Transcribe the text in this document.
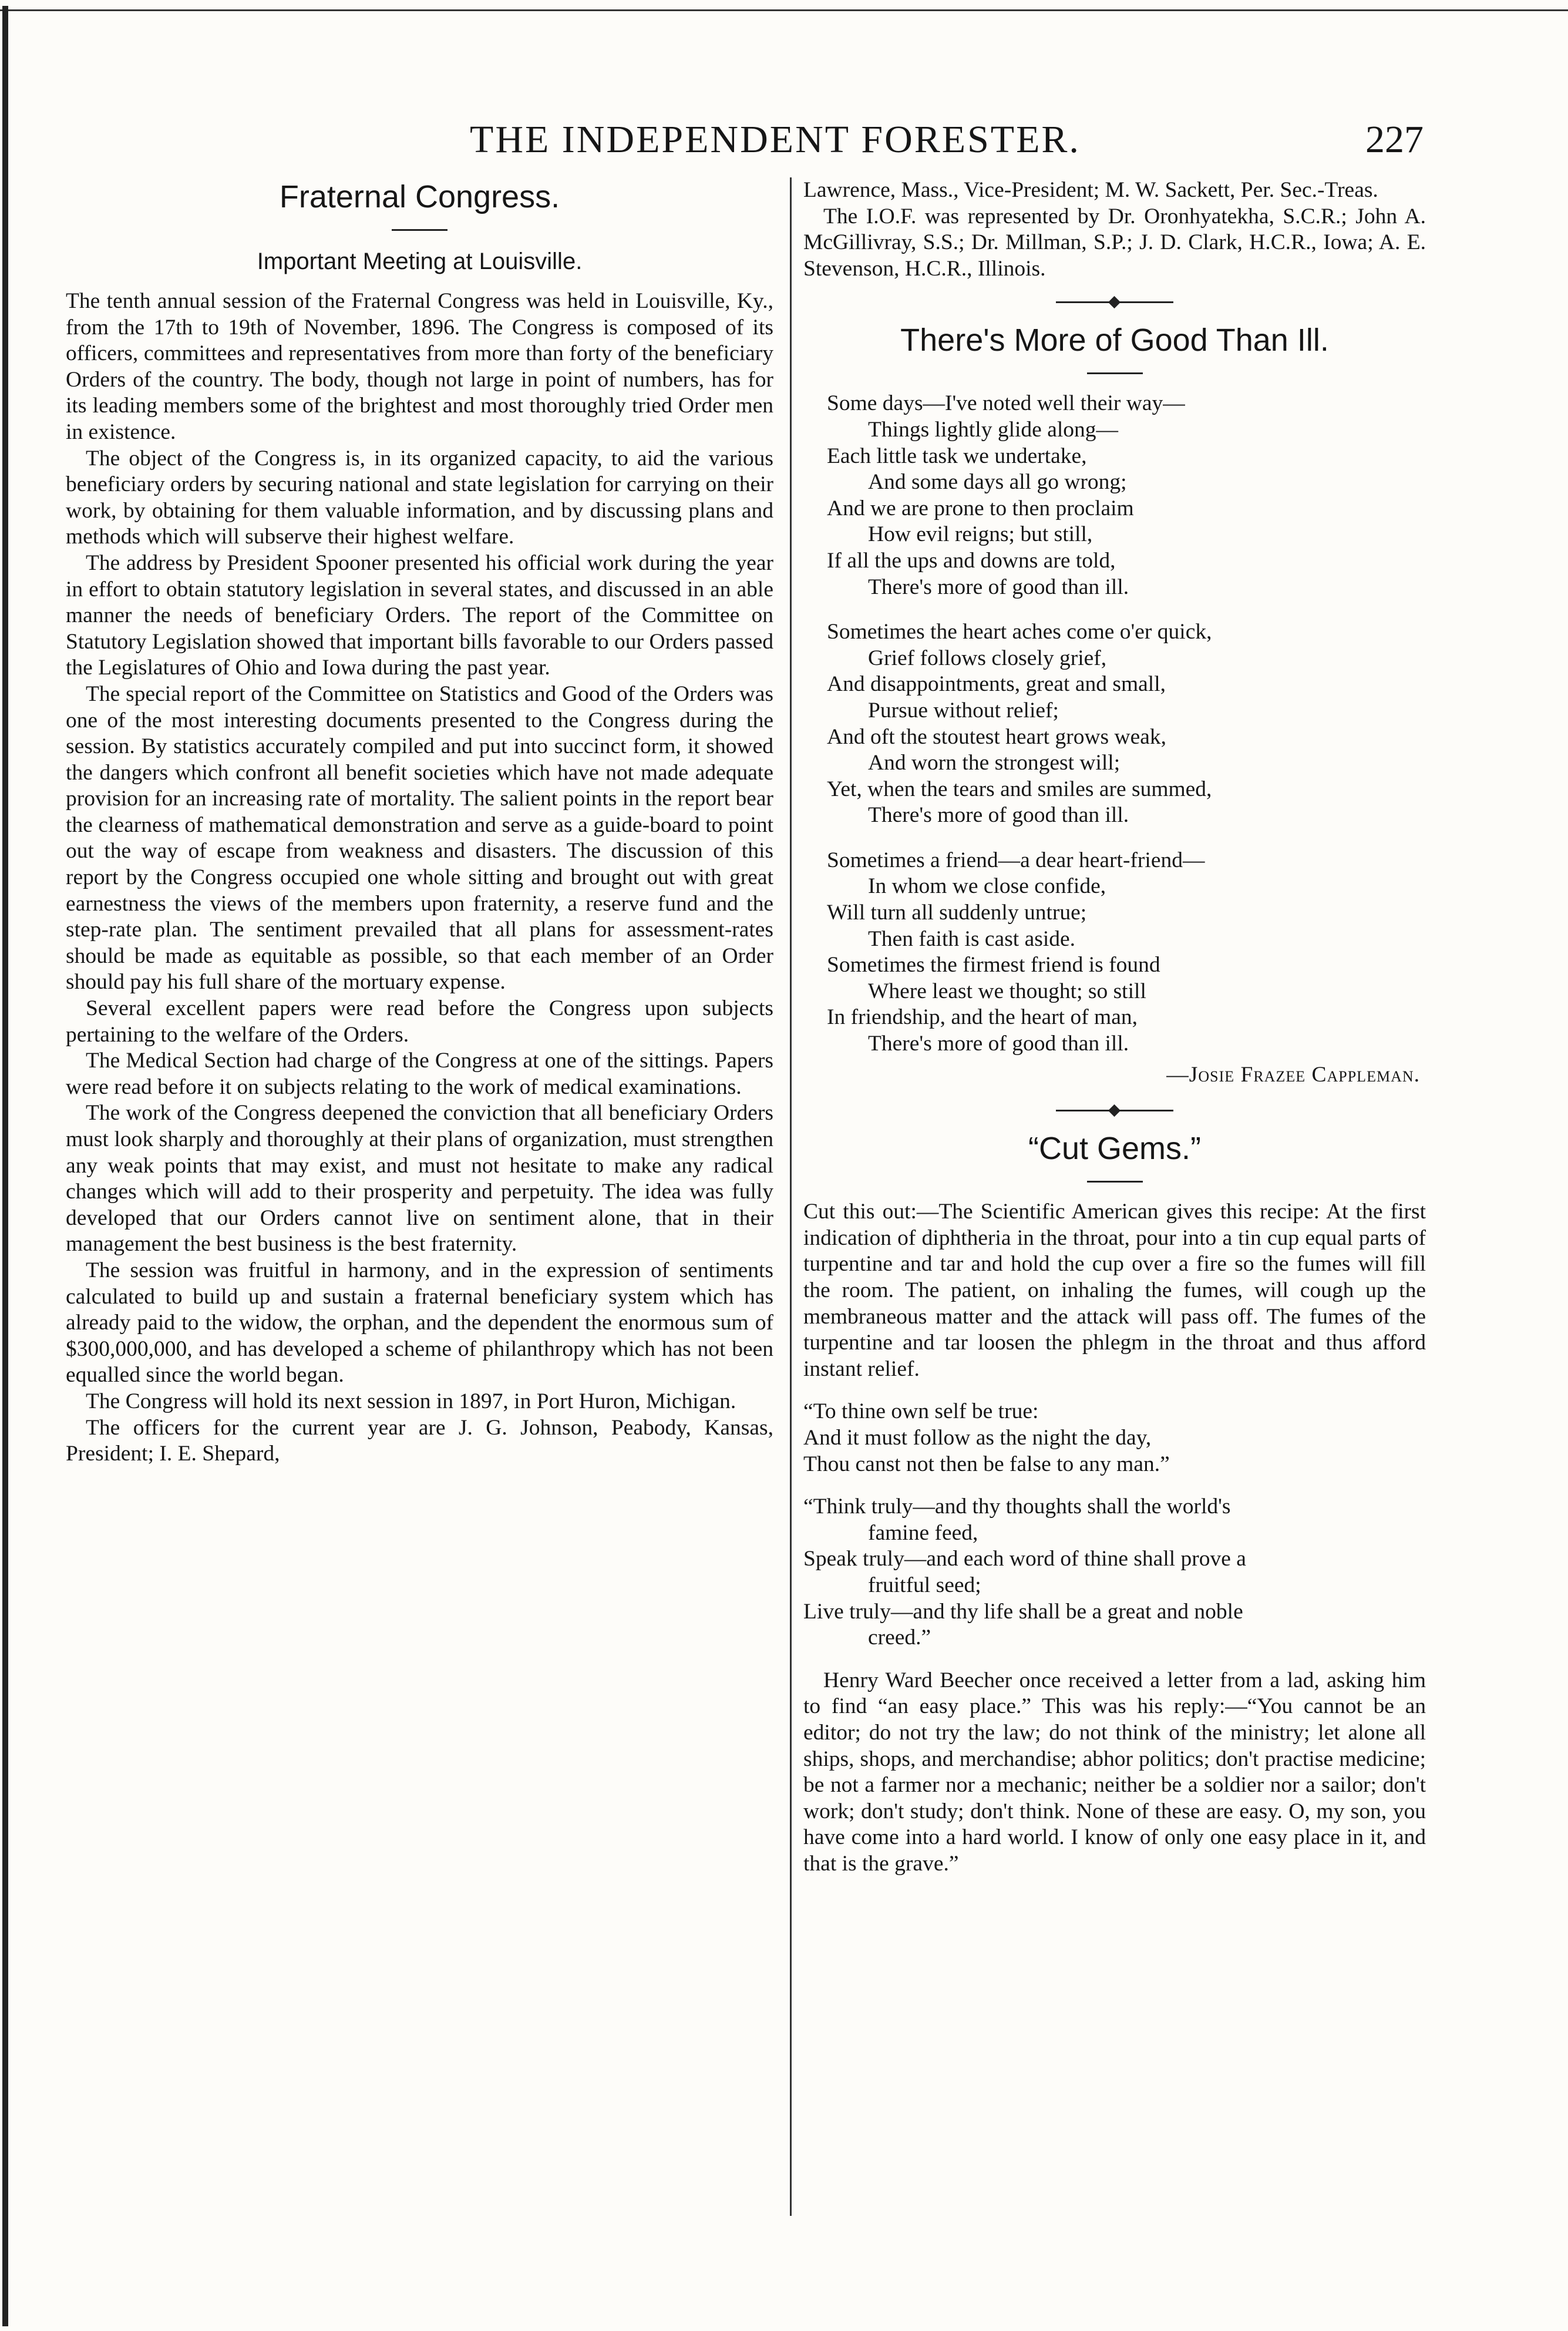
THE INDEPENDENT FORESTER.	227
Fraternal Congress.
Important Meeting at Louisville.

The tenth annual session of the Fraternal Congress was held in Louisville, Ky., from the 17th to 19th of November, 1896. The Congress is composed of its officers, committees and representatives from more than forty of the beneficiary Orders of the country. The body, though not large in point of numbers, has for its leading members some of the brightest and most thoroughly tried Order men in existence.

The object of the Congress is, in its organized capacity, to aid the various beneficiary orders by securing national and state legislation for carrying on their work, by obtaining for them valuable information, and by discussing plans and methods which will subserve their highest welfare.

The address by President Spooner presented his official work during the year in effort to obtain statutory legislation in several states, and discussed in an able manner the needs of beneficiary Orders. The report of the Committee on Statutory Legislation showed that important bills favorable to our Orders passed the Legislatures of Ohio and Iowa during the past year.

The special report of the Committee on Statistics and Good of the Orders was one of the most interesting documents presented to the Congress during the session. By statistics accurately compiled and put into succinct form, it showed the dangers which confront all benefit societies which have not made adequate provision for an increasing rate of mortality. The salient points in the report bear the clearness of mathematical demonstration and serve as a guide-board to point out the way of escape from weakness and disasters. The discussion of this report by the Congress occupied one whole sitting and brought out with great earnestness the views of the members upon fraternity, a reserve fund and the step-rate plan. The sentiment prevailed that all plans for assessment-rates should be made as equitable as possible, so that each member of an Order should pay his full share of the mortuary expense.

Several excellent papers were read before the Congress upon subjects pertaining to the welfare of the Orders.

The Medical Section had charge of the Congress at one of the sittings. Papers were read before it on subjects relating to the work of medical examinations.

The work of the Congress deepened the conviction that all beneficiary Orders must look sharply and thoroughly at their plans of organization, must strengthen any weak points that may exist, and must not hesitate to make any radical changes which will add to their prosperity and perpetuity. The idea was fully developed that our Orders cannot live on sentiment alone, that in their management the best business is the best fraternity.

The session was fruitful in harmony, and in the expression of sentiments calculated to build up and sustain a fraternal beneficiary system which has already paid to the widow, the orphan, and the dependent the enormous sum of $300,000,000, and has developed a scheme of philanthropy which has not been equalled since the world began.

The Congress will hold its next session in 1897, in Port Huron, Michigan.

The officers for the current year are J. G. Johnson, Peabody, Kansas, President; I. E. Shepard,

Lawrence, Mass., Vice-President; M. W. Sackett, Per. Sec.-Treas.

The I.O.F. was represented by Dr. Oronhyatekha, S.C.R.; John A. McGillivray, S.S.; Dr. Millman, S.P.; J. D. Clark, H.C.R., Iowa; A. E. Stevenson, H.C.R., Illinois.

There's More of Good Than Ill.
Some days—I've noted well their way—
Things lightly glide along—
Each little task we undertake,
And some days all go wrong;
And we are prone to then proclaim
How evil reigns; but still,
If all the ups and downs are told,
There's more of good than ill.
Sometimes the heart aches come o'er quick,
Grief follows closely grief,
And disappointments, great and small,
Pursue without relief;
And oft the stoutest heart grows weak,
And worn the strongest will;
Yet, when the tears and smiles are summed,
There's more of good than ill.
Sometimes a friend—a dear heart-friend—
In whom we close confide,
Will turn all suddenly untrue;
Then faith is cast aside.
Sometimes the firmest friend is found
Where least we thought; so still
In friendship, and the heart of man,
There's more of good than ill.
—Josie Frazee Cappleman.
“Cut Gems.”

Cut this out:—The Scientific American gives this recipe: At the first indication of diphtheria in the throat, pour into a tin cup equal parts of turpentine and tar and hold the cup over a fire so the fumes will fill the room. The patient, on inhaling the fumes, will cough up the membraneous matter and the attack will pass off. The fumes of the turpentine and tar loosen the phlegm in the throat and thus afford instant relief.

“To thine own self be true:
And it must follow as the night the day,
Thou canst not then be false to any man.”
“Think truly—and thy thoughts shall the world's
famine feed,
Speak truly—and each word of thine shall prove a
fruitful seed;
Live truly—and thy life shall be a great and noble
creed.”

Henry Ward Beecher once received a letter from a lad, asking him to find “an easy place.” This was his reply:—“You cannot be an editor; do not try the law; do not think of the ministry; let alone all ships, shops, and merchandise; abhor politics; don't practise medicine; be not a farmer nor a mechanic; neither be a soldier nor a sailor; don't work; don't study; don't think. None of these are easy. O, my son, you have come into a hard world. I know of only one easy place in it, and that is the grave.”
